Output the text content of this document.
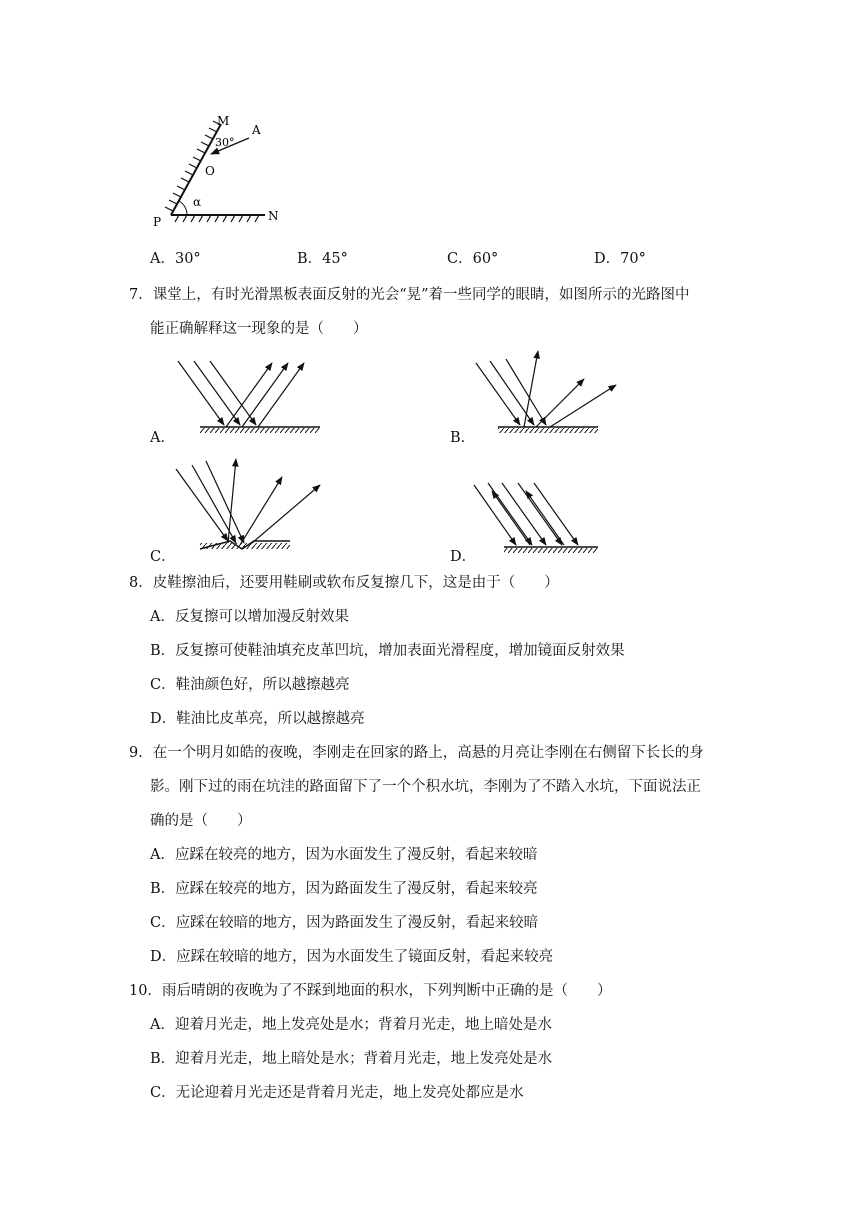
M
A
30°
O
P	N
α
A．30°	B．45°	C．60°	D．70°
7．课堂上，有时光滑黑板表面反射的光会“晃”着一些同学的眼睛，如图所示的光路图中
能正确解释这一现象的是（　　）
A．	B．
C．	D．
8．皮鞋擦油后，还要用鞋刷或软布反复擦几下，这是由于（　　）
A．反复擦可以增加漫反射效果
B．反复擦可使鞋油填充皮革凹坑，增加表面光滑程度，增加镜面反射效果
C．鞋油颜色好，所以越擦越亮
D．鞋油比皮革亮，所以越擦越亮
9．在一个明月如皓的夜晚，李刚走在回家的路上，高悬的月亮让李刚在右侧留下长长的身
影。刚下过的雨在坑洼的路面留下了一个个积水坑，李刚为了不踏入水坑，下面说法正
确的是（　　）
A．应踩在较亮的地方，因为水面发生了漫反射，看起来较暗
B．应踩在较亮的地方，因为路面发生了漫反射，看起来较亮
C．应踩在较暗的地方，因为路面发生了漫反射，看起来较暗
D．应踩在较暗的地方，因为水面发生了镜面反射，看起来较亮
10．雨后晴朗的夜晚为了不踩到地面的积水，下列判断中正确的是（　　）
A．迎着月光走，地上发亮处是水；背着月光走，地上暗处是水
B．迎着月光走，地上暗处是水；背着月光走，地上发亮处是水
C．无论迎着月光走还是背着月光走，地上发亮处都应是水
